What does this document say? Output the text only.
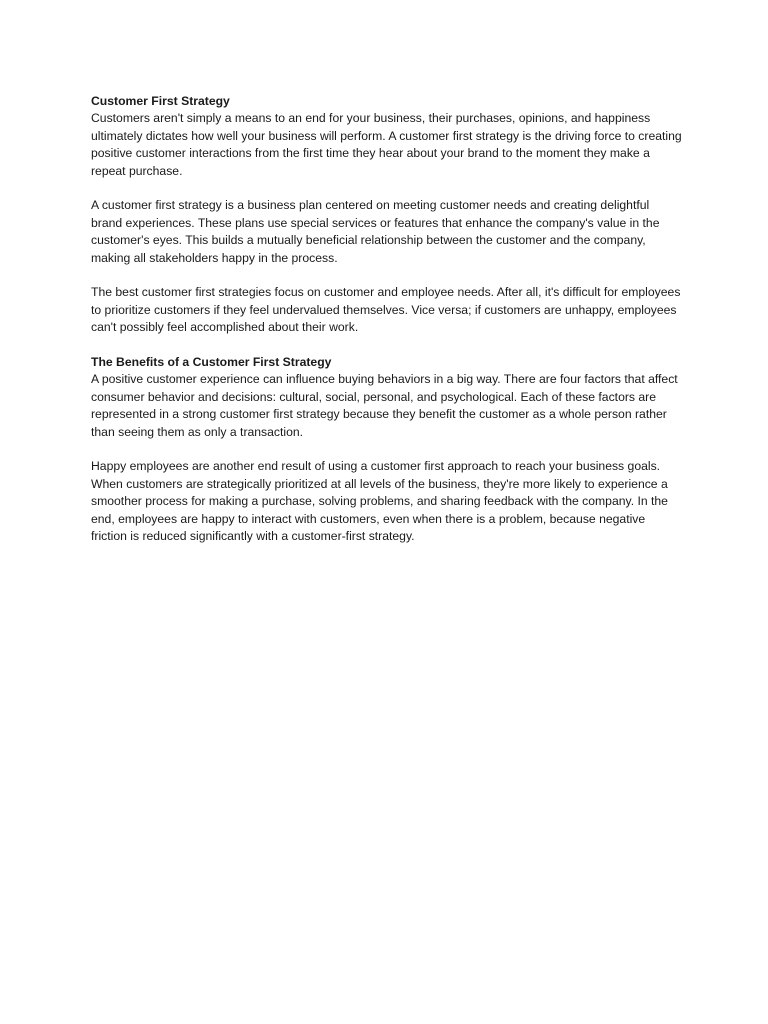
Customer First Strategy

Customers aren't simply a means to an end for your business, their purchases, opinions, and happiness ultimately dictates how well your business will perform. A customer first strategy is the driving force to creating positive customer interactions from the first time they hear about your brand to the moment they make a repeat purchase.

A customer first strategy is a business plan centered on meeting customer needs and creating delightful brand experiences. These plans use special services or features that enhance the company's value in the customer's eyes. This builds a mutually beneficial relationship between the customer and the company, making all stakeholders happy in the process.

The best customer first strategies focus on customer and employee needs. After all, it's difficult for employees to prioritize customers if they feel undervalued themselves. Vice versa; if customers are unhappy, employees can't possibly feel accomplished about their work.

The Benefits of a Customer First Strategy

A positive customer experience can influence buying behaviors in a big way. There are four factors that affect consumer behavior and decisions: cultural, social, personal, and psychological. Each of these factors are represented in a strong customer first strategy because they benefit the customer as a whole person rather than seeing them as only a transaction.

Happy employees are another end result of using a customer first approach to reach your business goals. When customers are strategically prioritized at all levels of the business, they're more likely to experience a smoother process for making a purchase, solving problems, and sharing feedback with the company. In the end, employees are happy to interact with customers, even when there is a problem, because negative friction is reduced significantly with a customer-first strategy.
